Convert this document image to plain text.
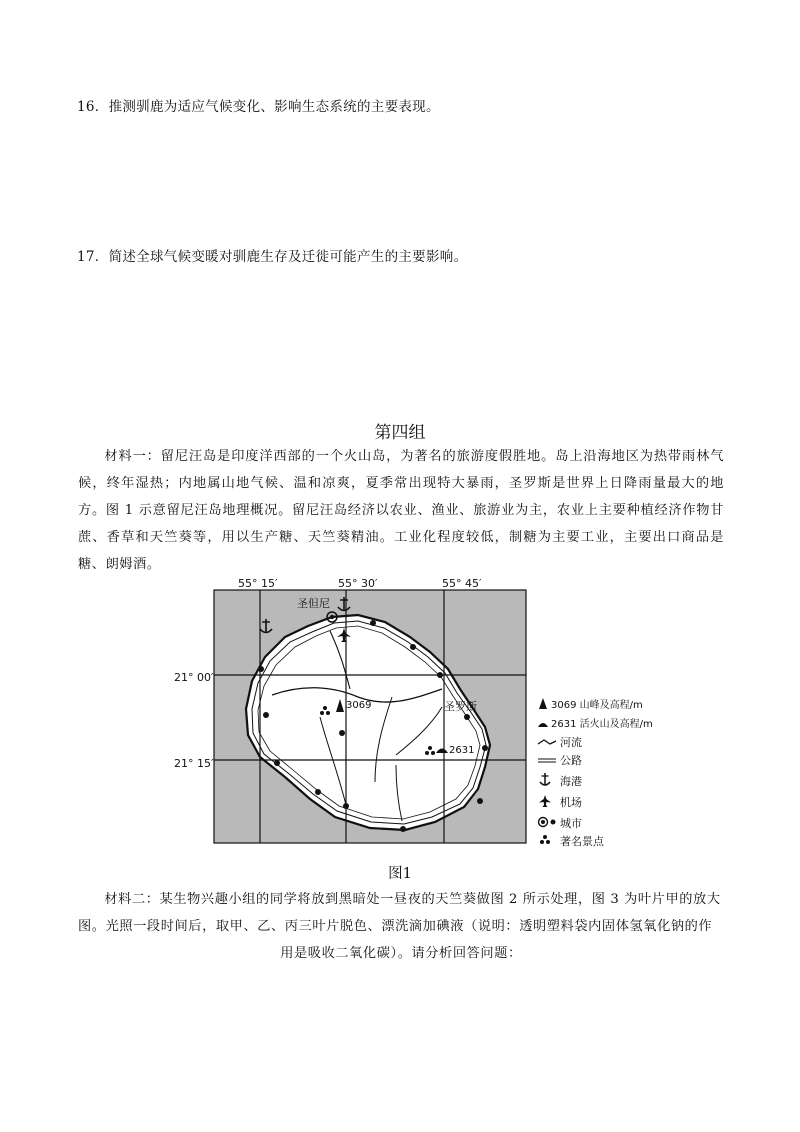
16．推测驯鹿为适应气候变化、影响生态系统的主要表现。
17．简述全球气候变暖对驯鹿生存及迁徙可能产生的主要影响。
第四组

材料一：留尼汪岛是印度洋西部的一个火山岛，为著名的旅游度假胜地。岛上沿海地区为热带雨林气候，终年湿热；内地属山地气候、温和凉爽，夏季常出现特大暴雨，圣罗斯是世界上日降雨量最大的地方。图 1 示意留尼汪岛地理概况。留尼汪岛经济以农业、渔业、旅游业为主，农业上主要种植经济作物甘蔗、香草和天竺葵等，用以生产糖、天竺葵精油。工业化程度较低，制糖为主要工业，主要出口商品是糖、朗姆酒。

55° 15′	55° 30′	55° 45′
21° 00′
21° 15′
3069
2631
圣但尼
圣罗斯	3069 山峰及高程/m
2631 活火山及高程/m
河流
公路
海港
机场
城市
著名景点
图1
材料二：某生物兴趣小组的同学将放到黑暗处一昼夜的天竺葵做图 2 所示处理，图 3 为叶片甲的放大
图。光照一段时间后，取甲、乙、丙三叶片脱色、漂洗滴加碘液（说明：透明塑料袋内固体氢氧化钠的作
用是吸收二氧化碳）。请分析回答问题：
